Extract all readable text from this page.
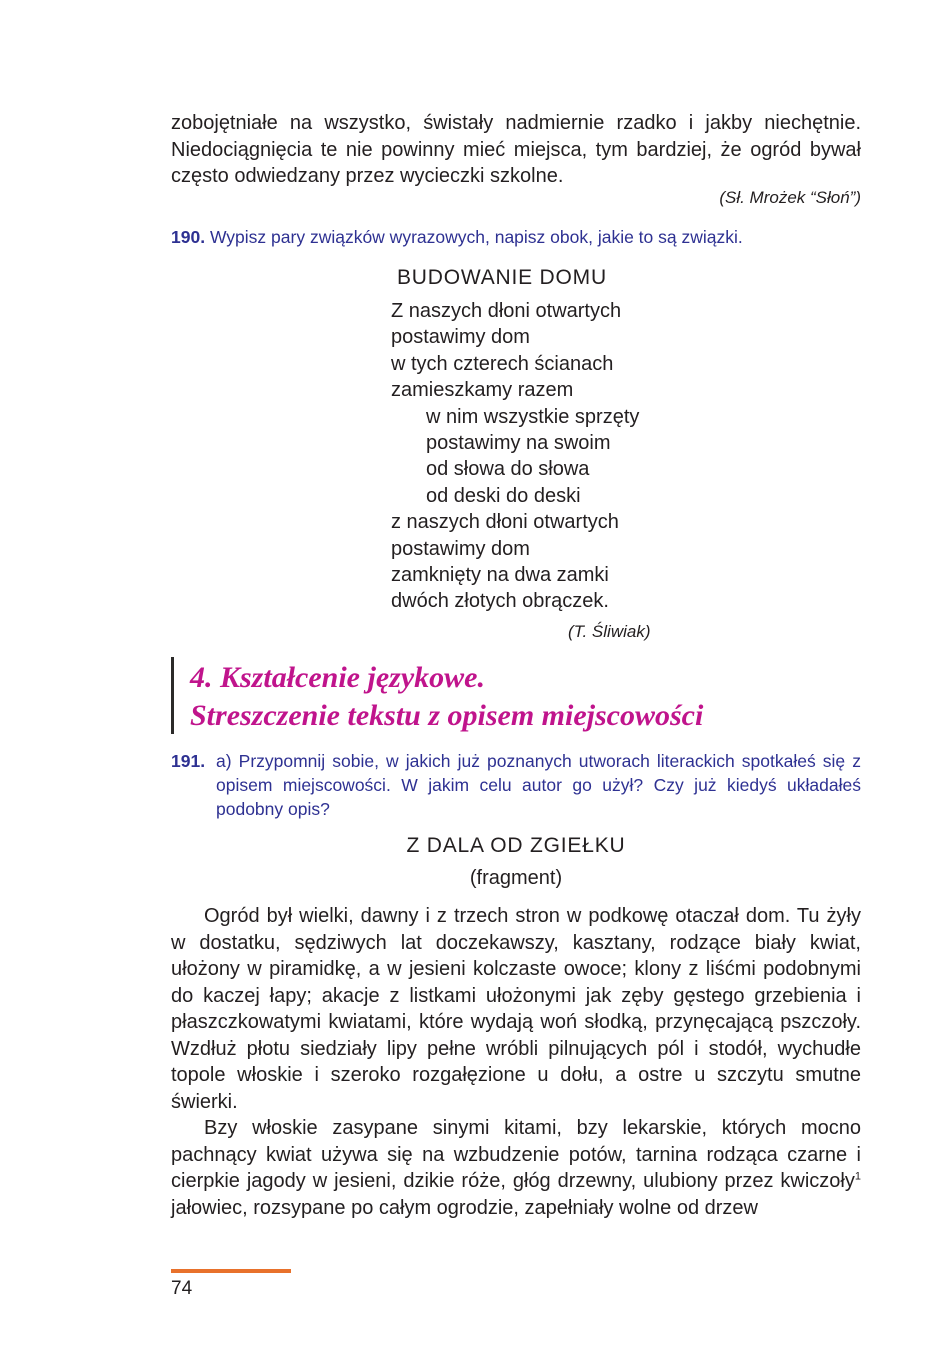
zobojętniałe na wszystko, świstały nadmiernie rzadko i jakby niechętnie. Niedociągnięcia te nie powinny mieć miejsca, tym bardziej, że ogród bywał często odwiedzany przez wycieczki szkolne.
(Sł. Mrożek “Słoń”)
190. Wypisz pary związków wyrazowych, napisz obok, jakie to są związki.
BUDOWANIE DOMU
Z naszych dłoni otwartych
postawimy dom
w tych czterech ścianach
zamieszkamy razem
w nim wszystkie sprzęty
postawimy na swoim
od słowa do słowa
od deski do deski
z naszych dłoni otwartych
postawimy dom
zamknięty na dwa zamki
dwóch złotych obrączek.
(T. Śliwiak)
4. Kształcenie językowe.
Streszczenie tekstu z opisem miejscowości
191. a) Przypomnij sobie, w jakich już poznanych utworach literackich spotkałeś się z opisem miejscowości. W jakim celu autor go użył? Czy już kiedyś układałeś podobny opis?
Z DALA OD ZGIEŁKU
(fragment)

Ogród był wielki, dawny i z trzech stron w podkowę otaczał dom. Tu żyły w dostatku, sędziwych lat doczekawszy, kasztany, rodzące biały kwiat, ułożony w piramidkę, a w jesieni kolczaste owoce; klony z liśćmi podobnymi do kaczej łapy; akacje z listkami ułożonymi jak zęby gęstego grzebienia i płaszczkowatymi kwiatami, które wydają woń słodką, przynęcającą pszczoły. Wzdłuż płotu siedziały lipy pełne wróbli pilnujących pól i stodół, wychudłe topole włoskie i szeroko rozgałęzione u dołu, a ostre u szczytu smutne świerki.

Bzy włoskie zasypane sinymi kitami, bzy lekarskie, których mocno pachnący kwiat używa się na wzbudzenie potów, tarnina rodząca czarne i cierpkie jagody w jesieni, dzikie róże, głóg drzewny, ulubiony przez kwiczoły$^1$ jałowiec, rozsypane po całym ogrodzie, zapełniały wolne od drzew

74
